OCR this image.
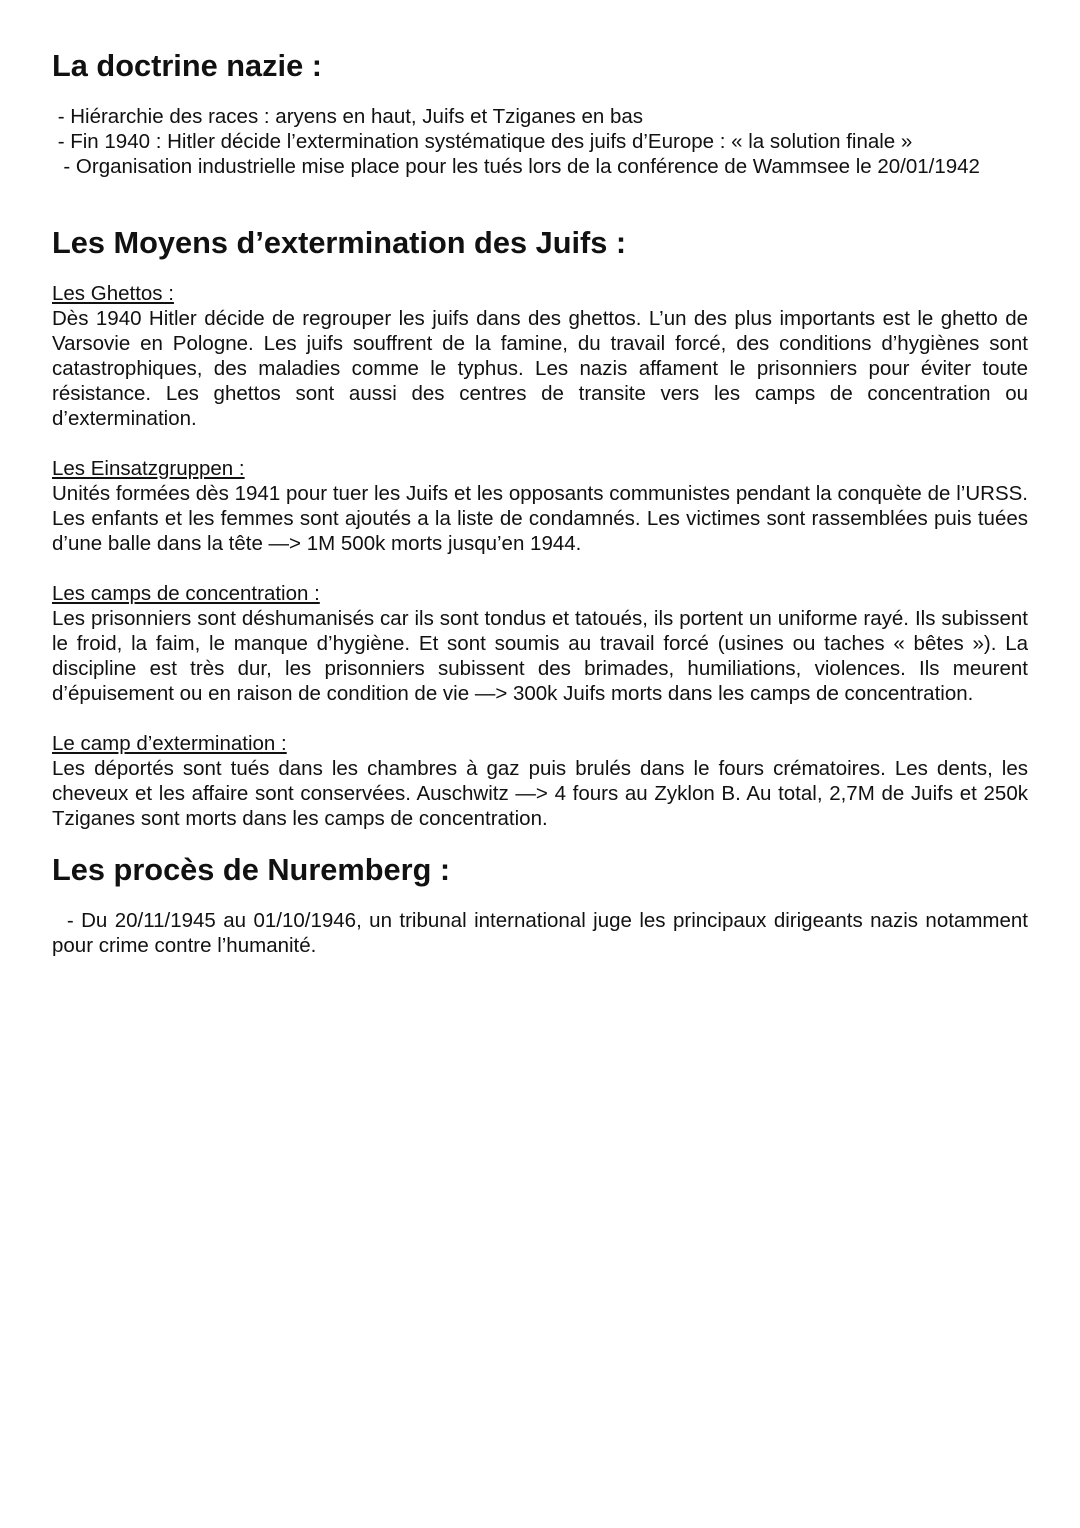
La doctrine nazie :

- Hiérarchie des races : aryens en haut, Juifs et Tziganes en bas

- Fin 1940 : Hitler décide l’extermination systématique des juifs d’Europe : « la solution finale »

- Organisation industrielle mise place pour les tués lors de la conférence de Wammsee le 20/01/1942

Les Moyens d’extermination des Juifs :

Les Ghettos :

Dès 1940 Hitler décide de regrouper les juifs dans des ghettos. L’un des plus importants est le ghetto de Varsovie en Pologne. Les juifs souffrent de la famine, du travail forcé, des conditions d’hygiènes sont catastrophiques, des maladies comme le typhus. Les nazis affament le prisonniers pour éviter toute résistance. Les ghettos sont aussi des centres de transite vers les camps de concentration ou d’extermination.

Les Einsatzgruppen :

Unités formées dès 1941 pour tuer les Juifs et les opposants communistes pendant la conquète de l’URSS. Les enfants et les femmes sont ajoutés a la liste de condamnés. Les victimes sont rassemblées puis tuées d’une balle dans la tête —> 1M 500k morts jusqu’en 1944.

Les camps de concentration :

Les prisonniers sont déshumanisés car ils sont tondus et tatoués, ils portent un uniforme rayé. Ils subissent le froid, la faim, le manque d’hygiène. Et sont soumis au travail forcé (usines ou taches « bêtes »). La discipline est très dur, les prisonniers subissent des brimades, humiliations, violences. Ils meurent d’épuisement ou en raison de condition de vie —> 300k Juifs morts dans les camps de concentration.

Le camp d’extermination :

Les déportés sont tués dans les chambres à gaz puis brulés dans le fours crématoires. Les dents, les cheveux et les affaire sont conservées. Auschwitz —> 4 fours au Zyklon B. Au total, 2,7M de Juifs et 250k Tziganes sont morts dans les camps de concentration.

Les procès de Nuremberg :

- Du 20/11/1945 au 01/10/1946, un tribunal international juge les principaux dirigeants nazis notamment pour crime contre l’humanité.
